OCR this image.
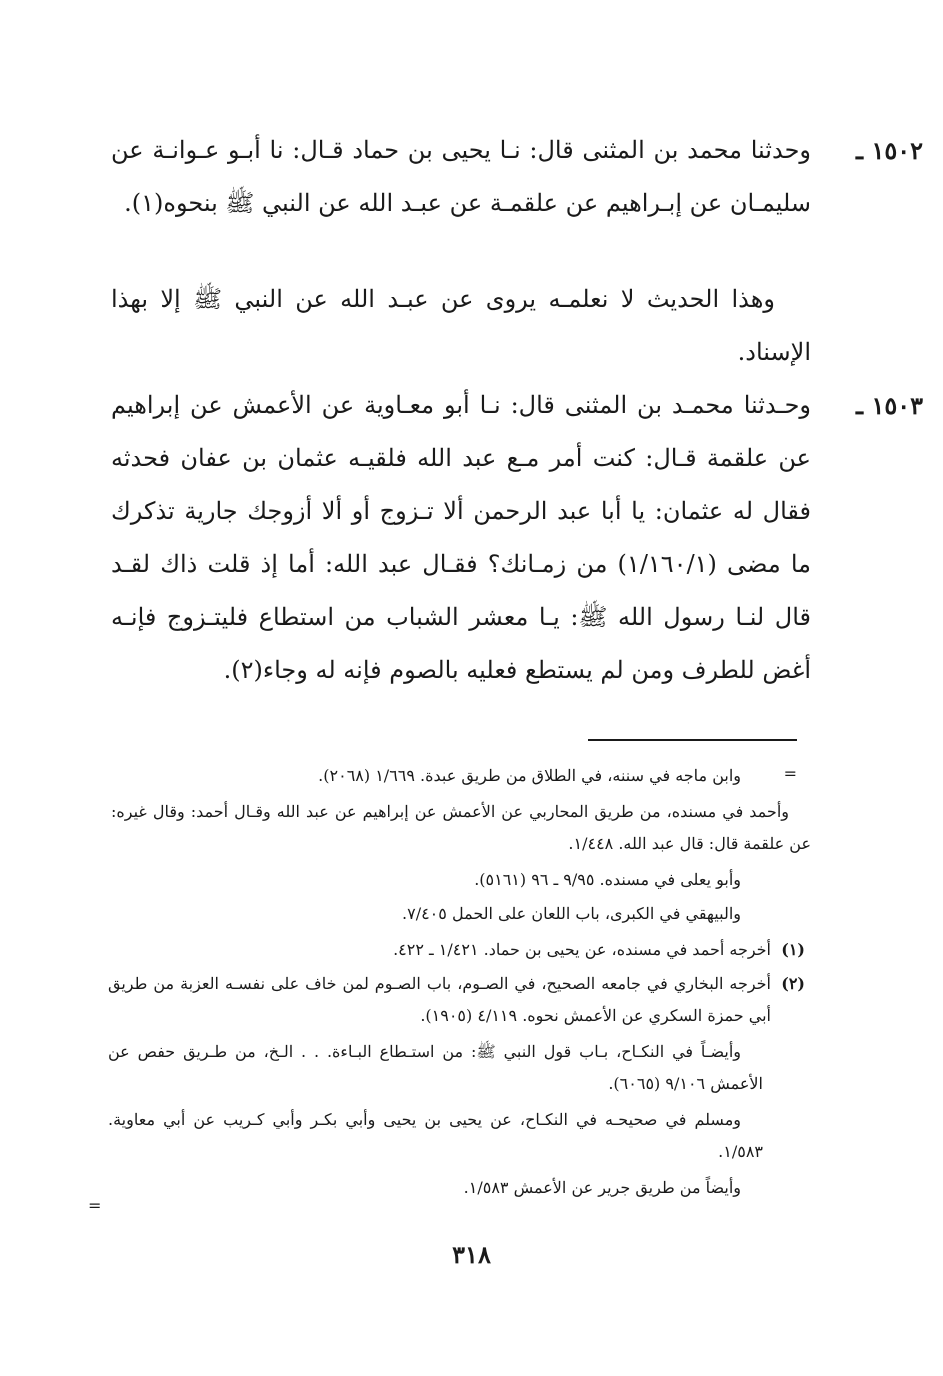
١٥٠٢ ـ
وحدثنا محمد بن المثنى قال: نـا يحيى بن حماد قـال: نا أبـو عـوانـة عن سليمـان عن إبـراهيم عن علقمـة عن عبـد الله عن النبي ﷺ بنحوه(١).
وهذا الحديث لا نعلمـه يروى عن عبـد الله عن النبي ﷺ إلا بهذا الإسناد.
١٥٠٣ ـ
وحـدثنا محمـد بن المثنى قال: نـا أبو معـاوية عن الأعمش عن إبراهيم عن علقمة قـال: كنت أمر مـع عبد الله فلقيـه عثمان بن عفان فحدثه فقال له عثمان: يا أبا عبد الرحمن ألا تـزوج أو ألا أزوجك جارية تذكرك ما مضى (١/١٦٠/١) من زمـانك؟ فقـال عبد الله: أما إذ قلت ذاك لقـد قال لنـا رسول الله ﷺ: يـا معشر الشباب من استطاع فليتـزوج فإنـه أغض للطرف ومن لم يستطع فعليه بالصوم فإنه له وجاء(٢).
=
وابن ماجه في سننه، في الطلاق من طريق عبدة. ١/٦٦٩ (٢٠٦٨).
وأحمد في مسنده، من طريق المحاربي عن الأعمش عن إبراهيم عن عبد الله وقـال أحمد: وقال غيره: عن علقمة قال: قال عبد الله. ١/٤٤٨.
وأبو يعلى في مسنده. ٩/٩٥ ـ ٩٦ (٥١٦١).
والبيهقي في الكبرى، باب اللعان على الحمل ٧/٤٠٥.
(١)
أخرجه أحمد في مسنده، عن يحيى بن حماد. ١/٤٢١ ـ ٤٢٢.
(٢)
أخرجه البخاري في جامعه الصحيح، في الصـوم، باب الصـوم لمن خاف على نفسـه العزبة من طريق أبي حمزة السكري عن الأعمش نحوه. ٤/١١٩ (١٩٠٥).
وأيضـاً في النكـاح، بـاب قول النبي ﷺ: من استـطاع البـاءة. . . الـخ، من طـريق حفص عن الأعمش ٩/١٠٦ (٦٠٦٥).
ومسلم في صحيحـه في النكـاح، عن يحيى بن يحيى وأبي بكـر وأبي كـريب عن أبي معاوية. ١/٥٨٣.
وأيضاً من طريق جرير عن الأعمش ١/٥٨٣.
=
٣١٨
